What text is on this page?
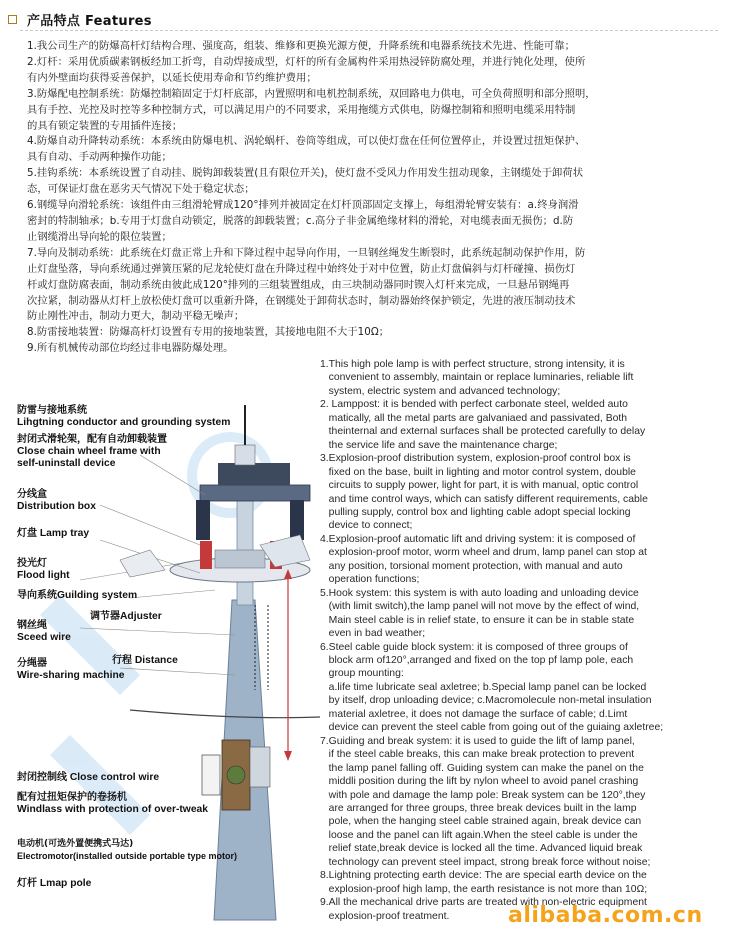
产品特点 Features
1.我公司生产的防爆高杆灯结构合理、强度高，组装、维修和更换光源方便，升降系统和电器系统技术先进、性能可靠；
2.灯杆：采用优质碳素钢板经加工折弯，自动焊接成型，灯杆的所有金属构件采用热浸锌防腐处理，并进行钝化处理，使所
有内外壁面均获得妥善保护，以延长使用寿命和节约维护费用；
3.防爆配电控制系统：防爆控制箱固定于灯杆底部，内置照明和电机控制系统，双回路电力供电，可全负荷照明和部分照明，
具有手控、光控及时控等多种控制方式，可以满足用户的不同要求，采用拖缆方式供电，防爆控制箱和照明电缆采用特制
的具有锁定装置的专用插件连接；
4.防爆自动升降转动系统：本系统由防爆电机、涡轮蜗杆、卷筒等组成，可以使灯盘在任何位置停止，并设置过扭矩保护、
具有自动、手动两种操作功能；
5.挂钩系统：本系统设置了自动挂、脱钩卸载装置(且有限位开关)，使灯盘不受风力作用发生扭动现象，主钢缆处于卸荷状
态，可保证灯盘在恶劣天气情况下处于稳定状态；
6.钢缆导向滑轮系统：该组件由三组滑轮臂成120°排列并被固定在灯杆顶部固定支撑上，每组滑轮臂安装有：a.终身润滑
密封的特制轴承；b.专用于灯盘自动锁定，脱落的卸载装置；c.高分子非金属绝缘材料的滑轮，对电缆表面无损伤；d.防
止钢缆滑出导向轮的限位装置；
7.导向及制动系统：此系统在灯盘正常上升和下降过程中起导向作用，一旦钢丝绳发生断裂时，此系统起制动保护作用，防
止灯盘坠落，导向系统通过弹簧压紧的尼龙轮使灯盘在升降过程中始终处于对中位置，防止灯盘偏斜与灯杆碰撞、损伤灯
杆或灯盘防腐表面，制动系统由彼此成120°排列的三组装置组成，由三块制动器同时锲入灯杆来完成，一旦悬吊钢绳再
次拉紧，制动器从灯杆上放松使灯盘可以重新升降，在钢缆处于卸荷状态时，制动器始终保护锁定，先进的液压制动技术
防止刚性冲击，制动力更大，制动平稳无噪声；
8.防雷接地装置：防爆高杆灯设置有专用的接地装置，其接地电阻不大于10Ω；
9.所有机械传动部位均经过非电器防爆处理。
防雷与接地系统
Lihgtning conductor and grounding system
封闭式滑轮架，配有自动卸载装置
Close chain wheel frame with
self-uninstall device
分线盒
Distribution box
灯盘 Lamp tray
投光灯
Flood light
导向系统Guilding system
调节器Adjuster
钢丝绳
Sceed wire
行程 Distance
分绳器
Wire-sharing machine
封闭控制线 Close control wire
配有过扭矩保护的卷扬机
Windlass with protection of over-tweak
电动机(可选外置便携式马达)
Electromotor(installed outside portable type motor)
灯杆 Lmap pole
1.This high pole lamp is with perfect structure, strong intensity, it is
convenient to assembly, maintain or replace luminaries, reliable lift
system, electric system and advanced technology;
2. Lamppost: it is bended with perfect carbonate steel, welded auto
matically, all the metal parts are galvaniaed and passivated, Both
theinternal and external surfaces shall be protected carefully to delay
the service life and save the maintenance charge;
3.Explosion-proof distribution system, explosion-proof control box is
fixed on the base, built in lighting and motor control system, double
circuits to supply power, light for part, it is with manual, optic control
and time control ways, which can satisfy different requirements, cable
pulling supply, control box and lighting cable adopt special locking
device to connect;
4.Explosion-proof automatic lift and driving system: it is composed of
explosion-proof motor, worm wheel and drum, lamp panel can stop at
any position, torsional moment protection, with manual and auto
operation functions;
5.Hook system: this system is with auto loading and unloading device
(with limit switch),the lamp panel will not move by the effect of wind,
Main steel cable is in relief state, to ensure it can be in stable state
even in bad weather;
6.Steel cable guide block system: it is composed of three groups of
block arm of120°,arranged and fixed on the top pf lamp pole, each
group mounting:
a.life time lubricate seal axletree; b.Special lamp panel can be locked
by itself, drop unloading device; c.Macromolecule non-metal insulation
material axletree, it does not damage the surface of cable; d.Limt
device can prevent the steel cable from going out of the guiaing axletree;
7.Guiding and break system: it is used to guide the lift of lamp panel,
if the steel cable breaks, this can make break protection to prevent
the lamp panel falling off. Guiding system can make the panel on the
middli position during the lift by nylon wheel to avoid panel crashing
with pole and damage the lamp pole: Break system can be 120°,they
are arranged for three groups, three break devices built in the lamp
pole, when the hanging steel cable strained again, break device can
loose and the panel can lift again.When the steel cable is under the
relief state,break device is locked all the time. Advanced liquid break
technology can prevent steel impact, strong break force without noise;
8.Lightning protecting earth device: The are special earth device on the
explosion-proof high lamp, the earth resistance is not more than 10Ω;
9.All the mechanical drive parts are treated with non-electric equipment
explosion-proof treatment.	alibaba.com.cn
